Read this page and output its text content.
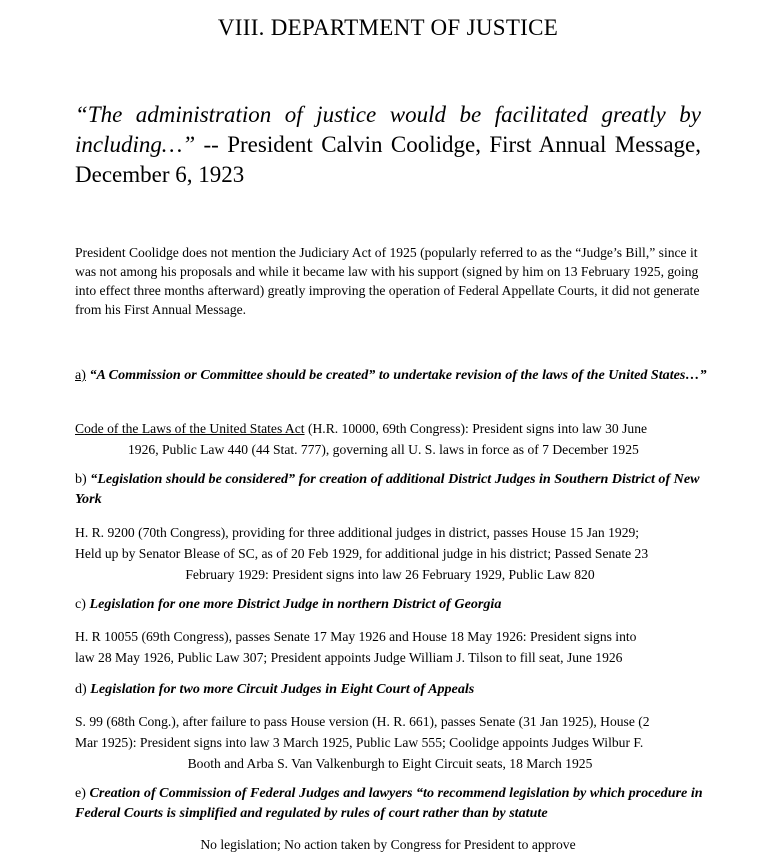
VIII. DEPARTMENT OF JUSTICE
“The administration of justice would be facilitated greatly by including…” -- President Calvin Coolidge, First Annual Message, December 6, 1923

President Coolidge does not mention the Judiciary Act of 1925 (popularly referred to as the “Judge’s Bill,” since it was not among his proposals and while it became law with his support (signed by him on 13 February 1925, going into effect three months afterward) greatly improving the operation of Federal Appellate Courts, it did not generate from his First Annual Message.

a) “A Commission or Committee should be created” to undertake revision of the laws of the United States…”
Code of the Laws of the United States Act (H.R. 10000, 69th Congress): President signs into law 30 June
1926, Public Law 440 (44 Stat. 777), governing all U. S. laws in force as of 7 December 1925
b) “Legislation should be considered” for creation of additional District Judges in Southern District of New York
H. R. 9200 (70th Congress), providing for three additional judges in district, passes House 15 Jan 1929;
Held up by Senator Blease of SC, as of 20 Feb 1929, for additional judge in his district; Passed Senate 23
February 1929: President signs into law 26 February 1929, Public Law 820
c) Legislation for one more District Judge in northern District of Georgia
H. R 10055 (69th Congress), passes Senate 17 May 1926 and House 18 May 1926: President signs into
law 28 May 1926, Public Law 307; President appoints Judge William J. Tilson to fill seat, June 1926
d) Legislation for two more Circuit Judges in Eight Court of Appeals
S. 99 (68th Cong.), after failure to pass House version (H. R. 661), passes Senate (31 Jan 1925), House (2
Mar 1925): President signs into law 3 March 1925, Public Law 555; Coolidge appoints Judges Wilbur F.
Booth and Arba S. Van Valkenburgh to Eight Circuit seats, 18 March 1925
e) Creation of Commission of Federal Judges and lawyers “to recommend legislation by which procedure in Federal Courts is simplified and regulated by rules of court rather than by statute
No legislation; No action taken by Congress for President to approve
